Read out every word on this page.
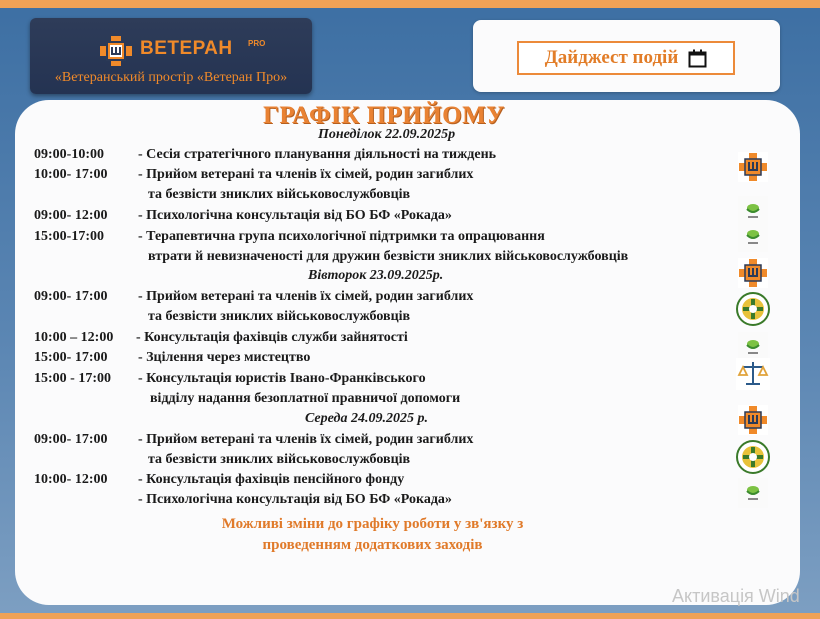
ВЕТЕРАН PRO
«Ветеранський простір «Ветеран Про»
Дайджест подій
ГРАФІК ПРИЙОМУ
Понеділок 22.09.2025р
09:00-10:00 - Сесія стратегічного планування діяльності на тиждень
10:00- 17:00 - Прийом ветерані та членів їх сімей, родин загиблих
та безвісти зниклих військовослужбовців
09:00- 12:00 - Психологічна консультація від БО БФ «Рокада»
15:00-17:00 - Терапевтична група психологічної підтримки та опрацювання
втрати й невизначеності для дружин безвісти зниклих військовослужбовців
Вівторок 23.09.2025р.
09:00- 17:00 - Прийом ветерані та членів їх сімей, родин загиблих
та безвісти зниклих військовослужбовців
10:00 – 12:00 - Консультація фахівців служби зайнятості
15:00- 17:00 - Зцілення через мистецтво
15:00 - 17:00 - Консультація юристів Івано-Франківського
відділу надання безоплатної правничої допомоги
Середа 24.09.2025 р.
09:00- 17:00 - Прийом ветерані та членів їх сімей, родин загиблих
та безвісти зниклих військовослужбовців
10:00- 12:00 - Консультація фахівців пенсійного фонду
- Психологічна консультація від БО БФ «Рокада»
Можливі зміни до графіку роботи у зв'язку з
проведенням додаткових заходів
Активація Wind
